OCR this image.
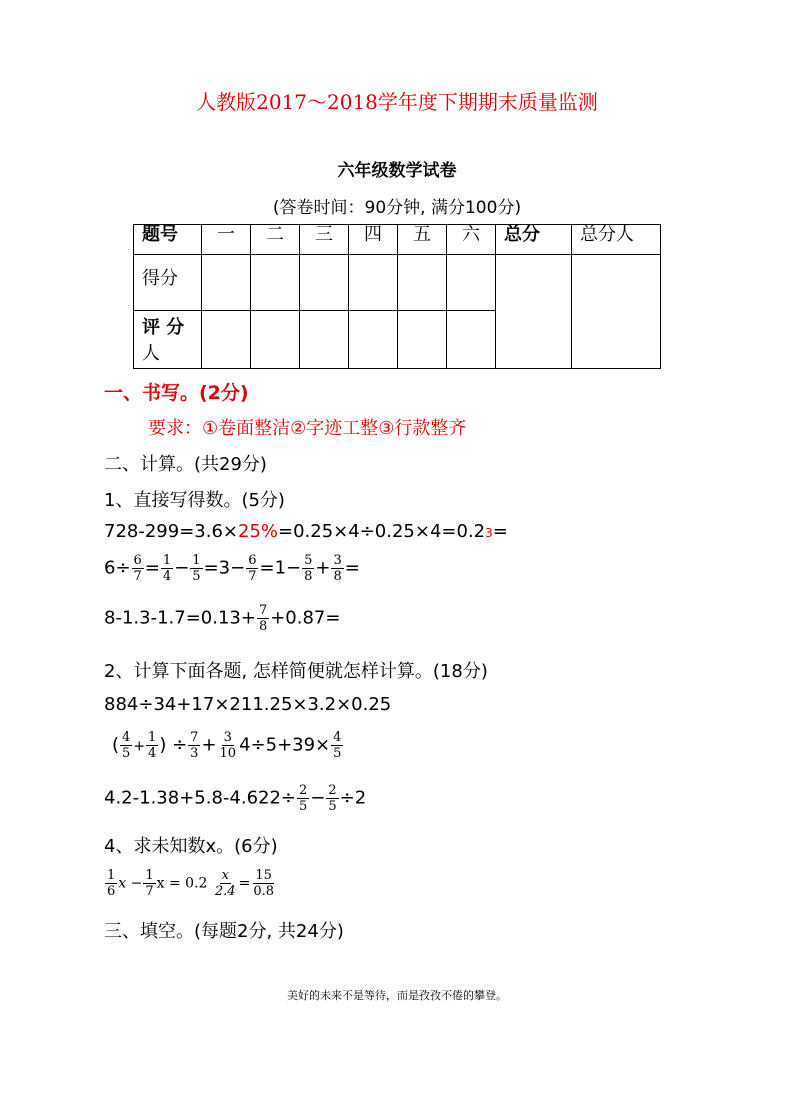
人教版2017～2018学年度下期期末质量监测
六年级数学试卷
(答卷时间：90分钟, 满分100分)
题号	一	二	三	四	五	六	总分	总分人
得分								
评 分
人								
一、书写。(2分)
要求：①卷面整洁②字迹工整③行款整齐
二、计算。(共29分)
1、直接写得数。(5分)
728-299=3.6×25%=0.25×4÷0.25×4=0.23=
$6\div \frac{6}{7} = \frac{1}{4} - \frac{1}{5} =3- \frac{6}{7} =1- \frac{5}{8} + \frac{3}{8}$ =
$8-1.3-1.7=0.13+ \frac{7}{8} +0.87=$
2、计算下面各题, 怎样简便就怎样计算。(18分)
884÷34+17×211.25×3.2×0.25
( $\frac{4}{5} + \frac{1}{4}$ ) ÷ $\frac{7}{3} + \frac{3}{10} 4\div 5+39\times \frac{4}{5}$
$4.2-1.38+5.8-4.622\div \frac{2}{5} - \frac{2}{5} \div 2$
4、求未知数x。(6分)
$\frac{1}{6}$ $x - \frac{1}{7}$ $x = 0.2 \frac{x}{2.4} = \frac{15}{0.8}$
三、填空。(每题2分, 共24分)
美好的未来不是等待，而是孜孜不倦的攀登。
